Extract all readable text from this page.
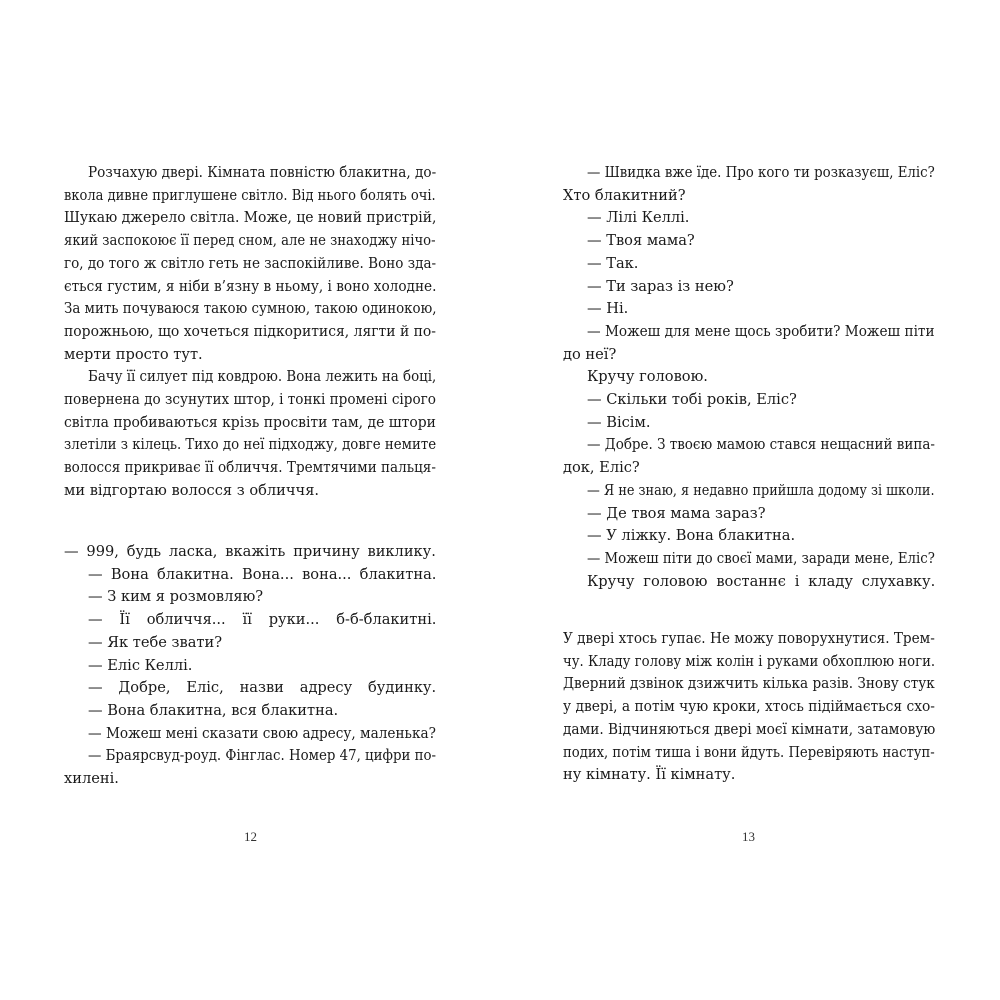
Розчахую двері. Кімната повністю блакитна, до-
вкола дивне приглушене світло. Від нього болять очі.
Шукаю джерело світла. Може, це новий пристрій,
який заспокоює її перед сном, але не знаходжу нічо-
го, до того ж світло геть не заспокійливе. Воно зда-
ється густим, я ніби в’язну в ньому, і воно холодне.
За мить почуваюся такою сумною, такою одинокою,
порожньою, що хочеться підкоритися, лягти й по-
мерти просто тут.
Бачу її силует під ковдрою. Вона лежить на боці,
повернена до зсунутих штор, і тонкі промені сірого
світла пробиваються крізь просвіти там, де штори
злетіли з кілець. Тихо до неї підходжу, довге немите
волосся прикриває її обличчя. Тремтячими пальця-
ми відгортаю волосся з обличчя.
— 999, будь ласка, вкажіть причину виклику.
— Вона блакитна. Вона... вона... блакитна.
— З ким я розмовляю?
— Її обличчя... її руки... б-б-блакитні.
— Як тебе звати?
— Еліс Келлі.
— Добре, Еліс, назви адресу будинку.
— Вона блакитна, вся блакитна.
— Можеш мені сказати свою адресу, маленька?
— Браярсвуд-роуд. Фінглас. Номер 47, цифри по-
хилені.
12
— Швидка вже їде. Про кого ти розказуєш, Еліс?
Хто блакитний?
— Лілі Келлі.
— Твоя мама?
— Так.
— Ти зараз із нею?
— Ні.
— Можеш для мене щось зробити? Можеш піти
до неї?
Кручу головою.
— Скільки тобі років, Еліс?
— Вісім.
— Добре. З твоєю мамою стався нещасний випа-
док, Еліс?
— Я не знаю, я недавно прийшла додому зі школи.
— Де твоя мама зараз?
— У ліжку. Вона блакитна.
— Можеш піти до своєї мами, заради мене, Еліс?
Кручу головою востаннє і кладу слухавку.
У двері хтось гупає. Не можу поворухнутися. Трем-
чу. Кладу голову між колін і руками обхоплюю ноги.
Дверний дзвінок дзижчить кілька разів. Знову стук
у двері, а потім чую кроки, хтось підіймається схо-
дами. Відчиняються двері моєї кімнати, затамовую
подих, потім тиша і вони йдуть. Перевіряють наступ-
ну кімнату. Її кімнату.
13
